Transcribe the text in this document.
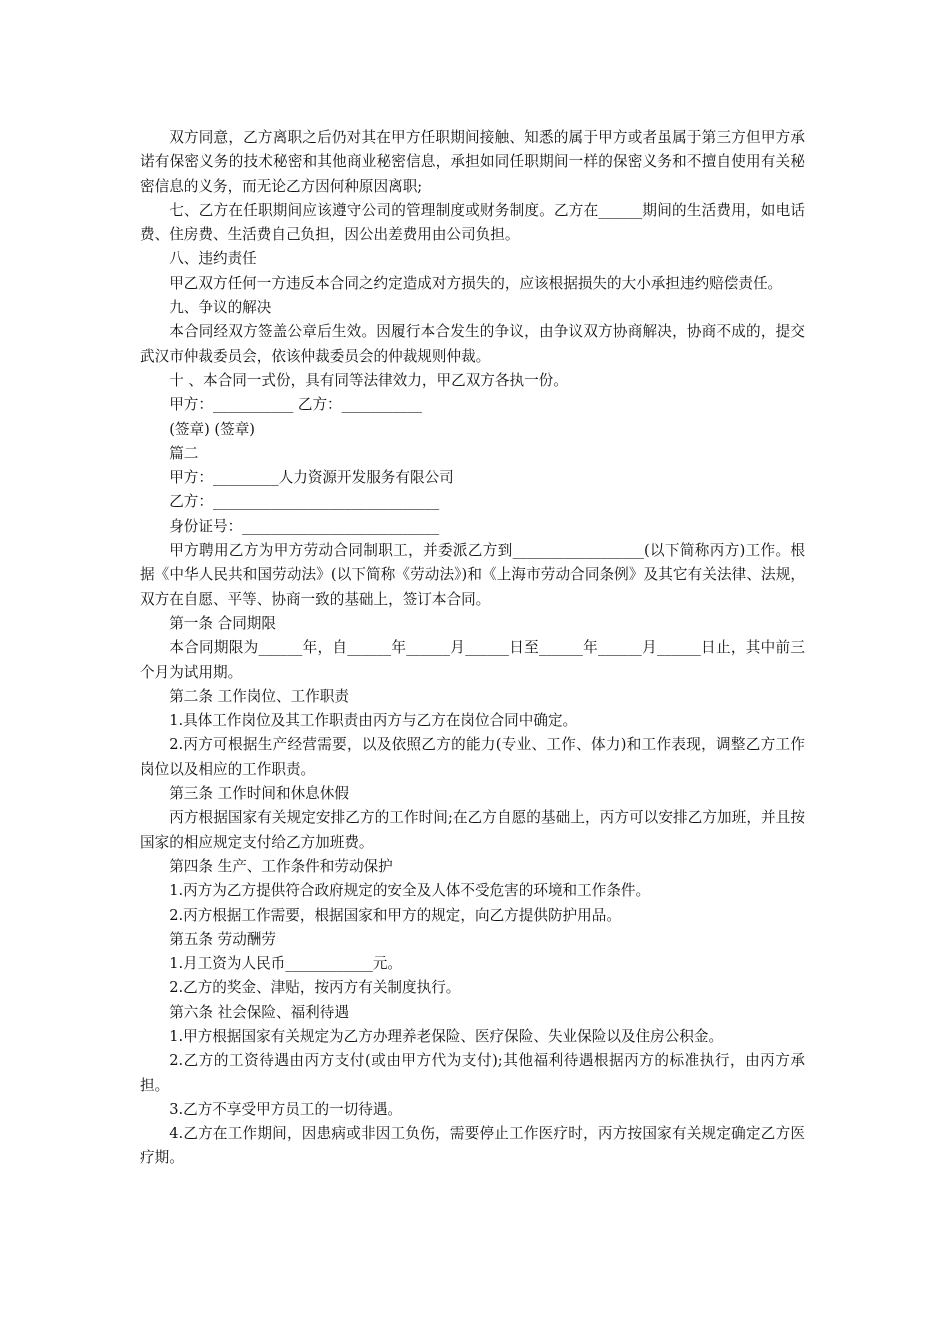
双方同意，乙方离职之后仍对其在甲方任职期间接触、知悉的属于甲方或者虽属于第三方但甲方承诺有保密义务的技术秘密和其他商业秘密信息，承担如同任职期间一样的保密义务和不擅自使用有关秘密信息的义务，而无论乙方因何种原因离职;

七、乙方在任职期间应该遵守公司的管理制度或财务制度。乙方在______期间的生活费用，如电话费、住房费、生活费自己负担，因公出差费用由公司负担。

八、违约责任

甲乙双方任何一方违反本合同之约定造成对方损失的，应该根据损失的大小承担违约赔偿责任。

九、争议的解决

本合同经双方签盖公章后生效。因履行本合发生的争议，由争议双方协商解决，协商不成的，提交武汉市仲裁委员会，依该仲裁委员会的仲裁规则仲裁。

十 、本合同一式份，具有同等法律效力，甲乙双方各执一份。

甲方：___________ 乙方：___________

(签章) (签章)

篇二

甲方：_________人力资源开发服务有限公司

乙方：_______________________________

身份证号：___________________________

甲方聘用乙方为甲方劳动合同制职工，并委派乙方到__________________(以下简称丙方)工作。根据《中华人民共和国劳动法》(以下简称《劳动法》)和《上海市劳动合同条例》及其它有关法律、法规，双方在自愿、平等、协商一致的基础上，签订本合同。

第一条 合同期限

本合同期限为______年，自______年______月______日至______年______月______日止，其中前三个月为试用期。

第二条 工作岗位、工作职责

1.具体工作岗位及其工作职责由丙方与乙方在岗位合同中确定。

2.丙方可根据生产经营需要，以及依照乙方的能力(专业、工作、体力)和工作表现，调整乙方工作岗位以及相应的工作职责。

第三条 工作时间和休息休假

丙方根据国家有关规定安排乙方的工作时间;在乙方自愿的基础上，丙方可以安排乙方加班，并且按国家的相应规定支付给乙方加班费。

第四条 生产、工作条件和劳动保护

1.丙方为乙方提供符合政府规定的安全及人体不受危害的环境和工作条件。

2.丙方根据工作需要，根据国家和甲方的规定，向乙方提供防护用品。

第五条 劳动酬劳

1.月工资为人民币____________元。

2.乙方的奖金、津贴，按丙方有关制度执行。

第六条 社会保险、福利待遇

1.甲方根据国家有关规定为乙方办理养老保险、医疗保险、失业保险以及住房公积金。

2.乙方的工资待遇由丙方支付(或由甲方代为支付);其他福利待遇根据丙方的标准执行，由丙方承担。

3.乙方不享受甲方员工的一切待遇。

4.乙方在工作期间，因患病或非因工负伤，需要停止工作医疗时，丙方按国家有关规定确定乙方医疗期。
